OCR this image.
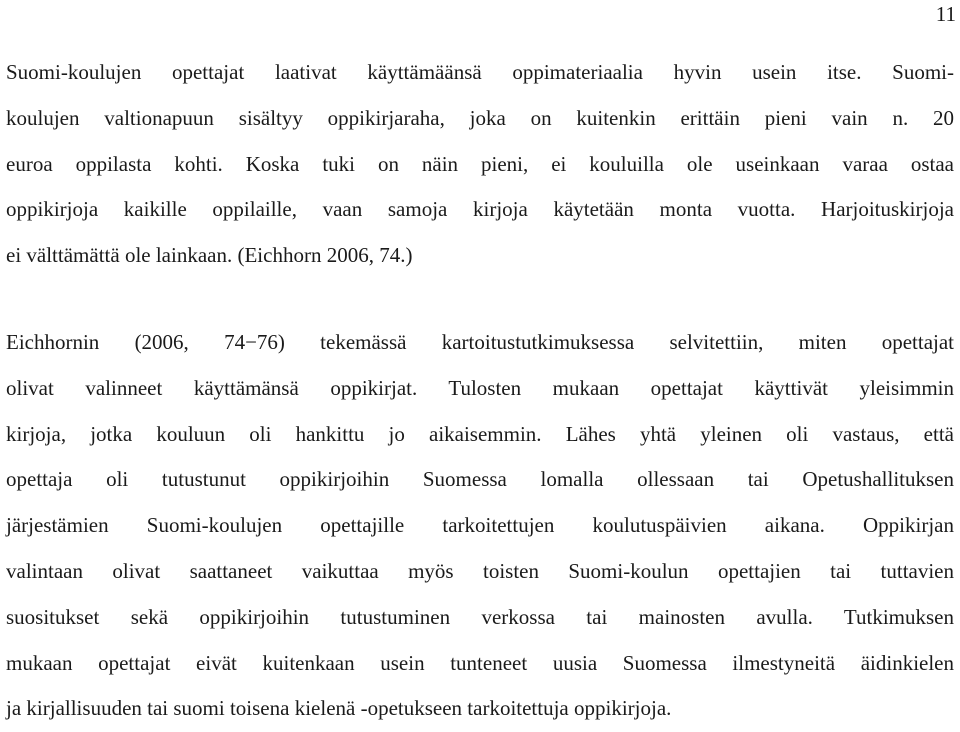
11
Suomi-koulujen opettajat laativat käyttämäänsä oppimateriaalia hyvin usein itse. Suomi-
koulujen valtionapuun sisältyy oppikirjaraha, joka on kuitenkin erittäin pieni vain n. 20
euroa oppilasta kohti. Koska tuki on näin pieni, ei kouluilla ole useinkaan varaa ostaa
oppikirjoja kaikille oppilaille, vaan samoja kirjoja käytetään monta vuotta. Harjoituskirjoja
ei välttämättä ole lainkaan. (Eichhorn 2006, 74.)
Eichhornin (2006, 74−76) tekemässä kartoitustutkimuksessa selvitettiin, miten opettajat
olivat valinneet käyttämänsä oppikirjat. Tulosten mukaan opettajat käyttivät yleisimmin
kirjoja, jotka kouluun oli hankittu jo aikaisemmin. Lähes yhtä yleinen oli vastaus, että
opettaja oli tutustunut oppikirjoihin Suomessa lomalla ollessaan tai Opetushallituksen
järjestämien Suomi-koulujen opettajille tarkoitettujen koulutuspäivien aikana. Oppikirjan
valintaan olivat saattaneet vaikuttaa myös toisten Suomi-koulun opettajien tai tuttavien
suositukset sekä oppikirjoihin tutustuminen verkossa tai mainosten avulla. Tutkimuksen
mukaan opettajat eivät kuitenkaan usein tunteneet uusia Suomessa ilmestyneitä äidinkielen
ja kirjallisuuden tai suomi toisena kielenä -opetukseen tarkoitettuja oppikirjoja.
